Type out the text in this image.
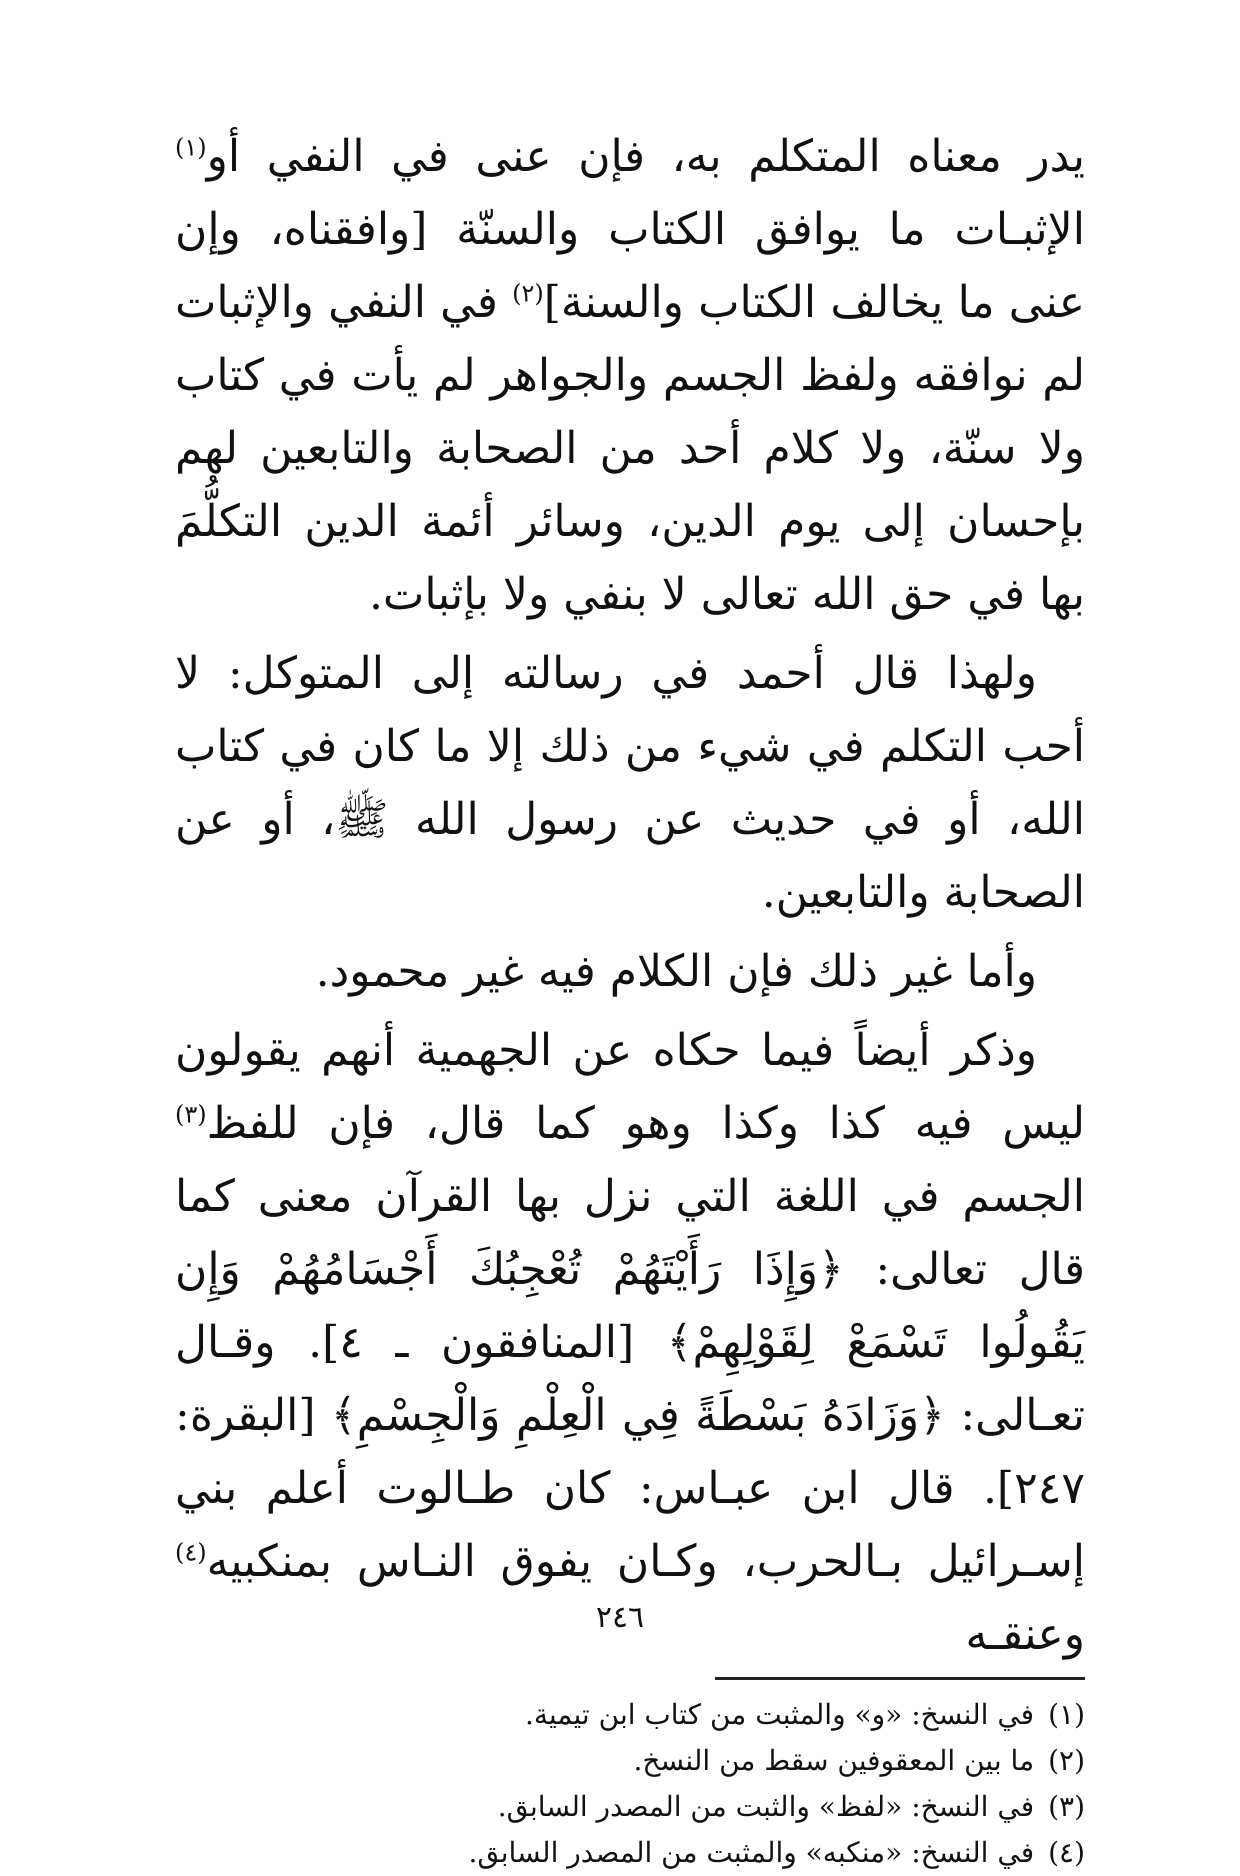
يدر معناه المتكلم به، فإن عنى في النفي أو$^{(١)}$ الإثبـات ما يوافق الكتاب والسنّة [وافقناه، وإن عنى ما يخالف الكتاب والسنة]$^{(٢)}$ في النفي والإثبات لم نوافقه ولفظ الجسم والجواهر لم يأت في كتاب ولا سنّة، ولا كلام أحد من الصحابة والتابعين لهم بإحسان إلى يوم الدين، وسائر أئمة الدين التكلُّمَ بها في حق الله تعالى لا بنفي ولا بإثبات.

ولهذا قال أحمد في رسالته إلى المتوكل: لا أحب التكلم في شيء من ذلك إلا ما كان في كتاب الله، أو في حديث عن رسول الله ﷺ، أو عن الصحابة والتابعين.

وأما غير ذلك فإن الكلام فيه غير محمود.

وذكر أيضاً فيما حكاه عن الجهمية أنهم يقولون ليس فيه كذا وكذا وهو كما قال، فإن للفظ$^{(٣)}$ الجسم في اللغة التي نزل بها القرآن معنى كما قال تعالى: ﴿وَإِذَا رَأَيْتَهُمْ تُعْجِبُكَ أَجْسَامُهُمْ وَإِن يَقُولُوا تَسْمَعْ لِقَوْلِهِمْ﴾ [المنافقون ـ ٤]. وقـال تعـالى: ﴿وَزَادَهُ بَسْطَةً فِي الْعِلْمِ وَالْجِسْمِ﴾ [البقرة: ٢٤٧]. قال ابن عبـاس: كان طـالوت أعلم بني إسـرائيل بـالحرب، وكـان يفوق النـاس بمنكبيه$^{(٤)}$ وعنقـه

(١)في النسخ: «و» والمثبت من كتاب ابن تيمية.
(٢)ما بين المعقوفين سقط من النسخ.
(٣)في النسخ: «لفظ» والثبت من المصدر السابق.
(٤)في النسخ: «منكبه» والمثبت من المصدر السابق.
٢٤٦
